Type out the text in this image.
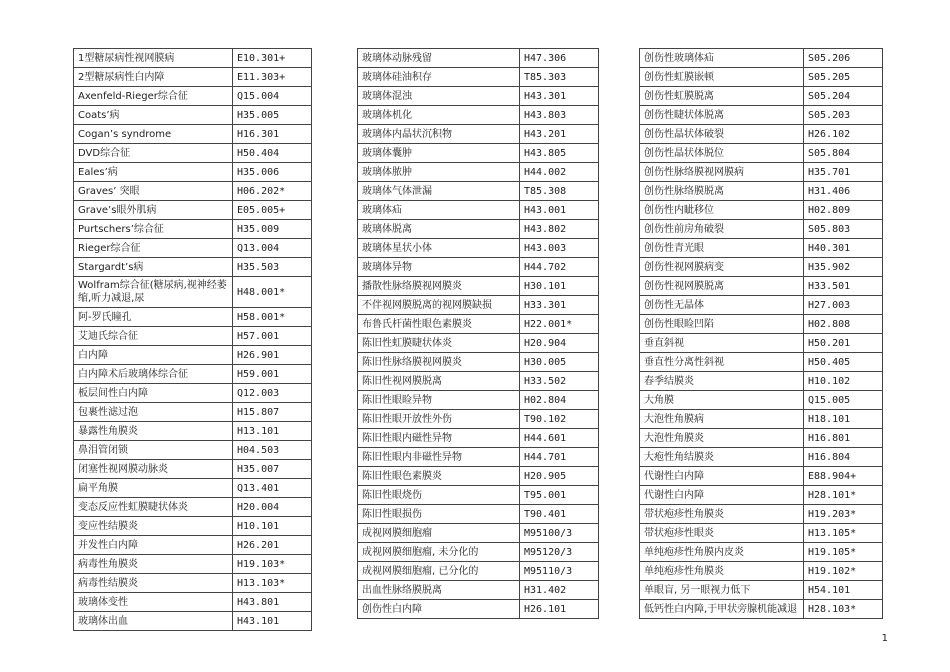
1型糖尿病性视网膜病	E10.301+
2型糖尿病性白内障	E11.303+
Axenfeld-Rieger综合征	Q15.004
Coats’病	H35.005
Cogan’s syndrome	H16.301
DVD综合征	H50.404
Eales’病	H35.006
Graves’ 突眼	H06.202*
Grave’s眼外肌病	E05.005+
Purtschers’综合征	H35.009
Rieger综合征	Q13.004
Stargardt’s病	H35.503
Wolfram综合征(糖尿病,视神经萎缩,听力减退,尿	H48.001*
阿-罗氏瞳孔	H58.001*
艾迪氏综合征	H57.001
白内障	H26.901
白内障术后玻璃体综合征	H59.001
板层间性白内障	Q12.003
包裹性滤过泡	H15.807
暴露性角膜炎	H13.101
鼻泪管闭锁	H04.503
闭塞性视网膜动脉炎	H35.007
扁平角膜	Q13.401
变态反应性虹膜睫状体炎	H20.004
变应性结膜炎	H10.101
并发性白内障	H26.201
病毒性角膜炎	H19.103*
病毒性结膜炎	H13.103*
玻璃体变性	H43.801
玻璃体出血	H43.101
玻璃体动脉残留	H47.306
玻璃体硅油积存	T85.303
玻璃体混浊	H43.301
玻璃体机化	H43.803
玻璃体内晶状沉积物	H43.201
玻璃体囊肿	H43.805
玻璃体脓肿	H44.002
玻璃体气体泄漏	T85.308
玻璃体疝	H43.001
玻璃体脱离	H43.802
玻璃体星状小体	H43.003
玻璃体异物	H44.702
播散性脉络膜视网膜炎	H30.101
不伴视网膜脱离的视网膜缺损	H33.301
布鲁氏杆菌性眼色素膜炎	H22.001*
陈旧性虹膜睫状体炎	H20.904
陈旧性脉络膜视网膜炎	H30.005
陈旧性视网膜脱离	H33.502
陈旧性眼睑异物	H02.804
陈旧性眼开放性外伤	T90.102
陈旧性眼内磁性异物	H44.601
陈旧性眼内非磁性异物	H44.701
陈旧性眼色素膜炎	H20.905
陈旧性眼烧伤	T95.001
陈旧性眼损伤	T90.401
成视网膜细胞瘤	M95100/3
成视网膜细胞瘤, 未分化的	M95120/3
成视网膜细胞瘤, 已分化的	M95110/3
出血性脉络膜脱离	H31.402
创伤性白内障	H26.101
创伤性玻璃体疝	S05.206
创伤性虹膜嵌顿	S05.205
创伤性虹膜脱离	S05.204
创伤性睫状体脱离	S05.203
创伤性晶状体破裂	H26.102
创伤性晶状体脱位	S05.804
创伤性脉络膜视网膜病	H35.701
创伤性脉络膜脱离	H31.406
创伤性内眦移位	H02.809
创伤性前房角破裂	S05.803
创伤性青光眼	H40.301
创伤性视网膜病变	H35.902
创伤性视网膜脱离	H33.501
创伤性无晶体	H27.003
创伤性眼睑凹陷	H02.808
垂直斜视	H50.201
垂直性分离性斜视	H50.405
春季结膜炎	H10.102
大角膜	Q15.005
大泡性角膜病	H18.101
大泡性角膜炎	H16.801
大疱性角结膜炎	H16.804
代谢性白内障	E88.904+
代谢性白内障	H28.101*
带状疱疹性角膜炎	H19.203*
带状疱疹性眼炎	H13.105*
单纯疱疹性角膜内皮炎	H19.105*
单纯疱疹性角膜炎	H19.102*
单眼盲, 另一眼视力低下	H54.101
低钙性白内障,于甲状旁腺机能减退	H28.103*
1
